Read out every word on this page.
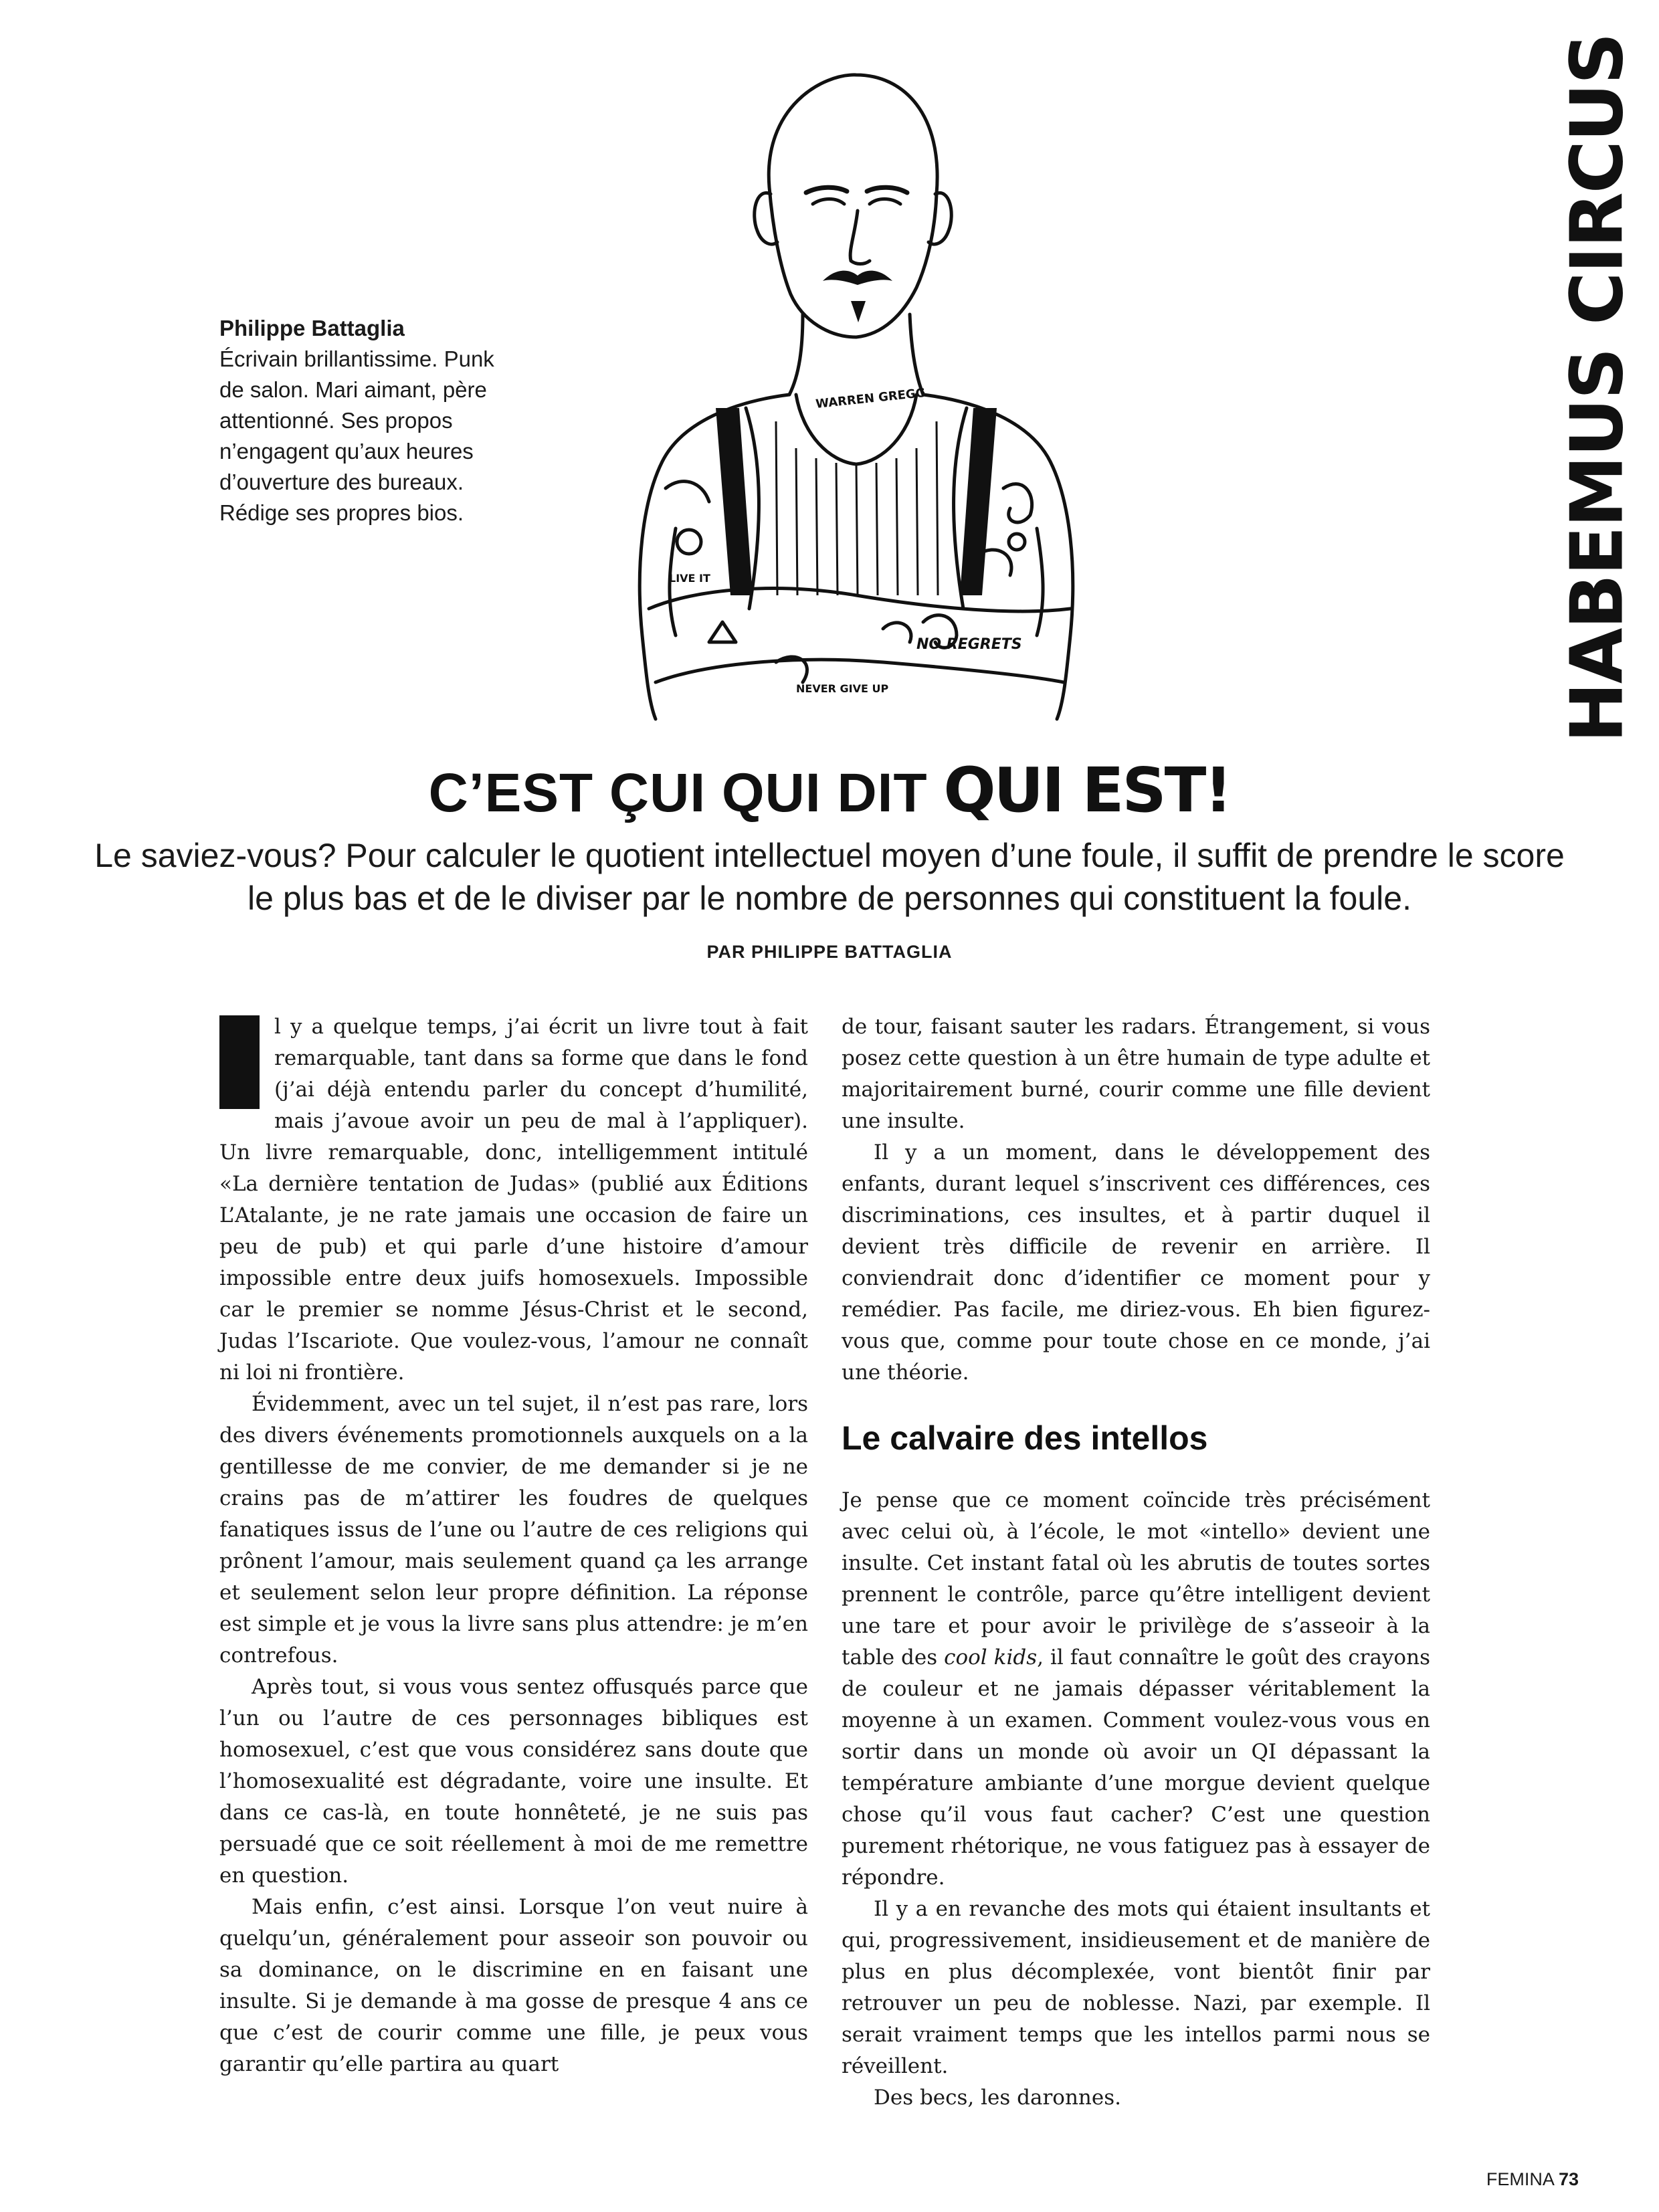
HABEMUS CIRCUS
Philippe Battaglia
Écrivain brillantissime. Punk de salon. Mari aimant, père attentionné. Ses propos n’engagent qu’aux heures d’ouverture des bureaux. Rédige ses propres bios.
WARREN GREGG
NO REGRETS
NEVER GIVE UP
LIVE IT
C’EST ÇUI QUI DIT QUI EST!
Le saviez-vous? Pour calculer le quotient intellectuel moyen d’une foule, il suffit de prendre le score le plus bas et de le diviser par le nombre de personnes qui constituent la foule.
PAR PHILIPPE BATTAGLIA

l y a quelque temps, j’ai écrit un livre tout à fait remarquable, tant dans sa forme que dans le fond (j’ai déjà entendu parler du concept d’humilité, mais j’avoue avoir un peu de mal à l’appliquer). Un livre remarquable, donc, intelligemment intitulé «La dernière tentation de Judas» (publié aux Éditions L’Atalante, je ne rate jamais une occasion de faire un peu de pub) et qui parle d’une histoire d’amour impossible entre deux juifs homosexuels. Impossible car le premier se nomme Jésus-Christ et le second, Judas l’Iscariote. Que voulez-vous, l’amour ne connaît ni loi ni frontière.

Évidemment, avec un tel sujet, il n’est pas rare, lors des divers événements promotionnels auxquels on a la gentillesse de me convier, de me demander si je ne crains pas de m’attirer les foudres de quelques fanatiques issus de l’une ou l’autre de ces religions qui prônent l’amour, mais seulement quand ça les arrange et seulement selon leur propre définition. La réponse est simple et je vous la livre sans plus attendre: je m’en contrefous.

Après tout, si vous vous sentez offusqués parce que l’un ou l’autre de ces personnages bibliques est homosexuel, c’est que vous considérez sans doute que l’homosexualité est dégradante, voire une insulte. Et dans ce cas-là, en toute honnêteté, je ne suis pas persuadé que ce soit réellement à moi de me remettre en question.

Mais enfin, c’est ainsi. Lorsque l’on veut nuire à quelqu’un, généralement pour asseoir son pouvoir ou sa dominance, on le discrimine en en faisant une insulte. Si je demande à ma gosse de presque 4 ans ce que c’est de courir comme une fille, je peux vous garantir qu’elle partira au quart

de tour, faisant sauter les radars. Étrangement, si vous posez cette question à un être humain de type adulte et majoritairement burné, courir comme une fille devient une insulte.

Il y a un moment, dans le développement des enfants, durant lequel s’inscrivent ces différences, ces discriminations, ces insultes, et à partir duquel il devient très difficile de revenir en arrière. Il conviendrait donc d’identifier ce moment pour y remédier. Pas facile, me diriez-vous. Eh bien figurez-vous que, comme pour toute chose en ce monde, j’ai une théorie.

Le calvaire des intellos

Je pense que ce moment coïncide très précisément avec celui où, à l’école, le mot «intello» devient une insulte. Cet instant fatal où les abrutis de toutes sortes prennent le contrôle, parce qu’être intelligent devient une tare et pour avoir le privilège de s’asseoir à la table des cool kids, il faut connaître le goût des crayons de couleur et ne jamais dépasser véritablement la moyenne à un examen. Comment voulez-vous vous en sortir dans un monde où avoir un QI dépassant la température ambiante d’une morgue devient quelque chose qu’il vous faut cacher? C’est une question purement rhétorique, ne vous fatiguez pas à essayer de répondre.

Il y a en revanche des mots qui étaient insultants et qui, progressivement, insidieusement et de manière de plus en plus décomplexée, vont bientôt finir par retrouver un peu de noblesse. Nazi, par exemple. Il serait vraiment temps que les intellos parmi nous se réveillent.

Des becs, les daronnes.

FEMINA 73
